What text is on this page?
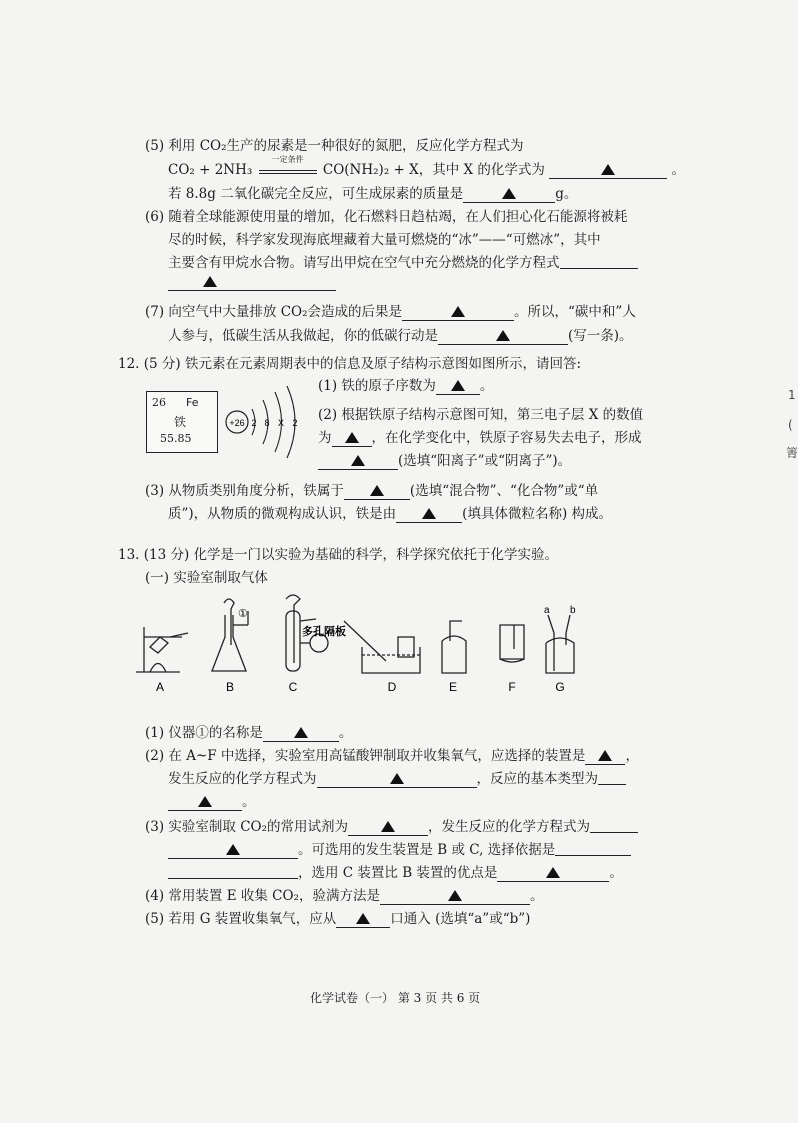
(5) 利用 CO₂生产的尿素是一种很好的氮肥，反应化学方程式为
CO₂ + 2NH₃
一定条件
CO(NH₂)₂ + X，其中 X 的化学式为	。
若 8.8g 二氧化碳完全反应，可生成尿素的质量是	g。
(6) 随着全球能源使用量的增加，化石燃料日趋枯竭，在人们担心化石能源将被耗
尽的时候，科学家发现海底埋藏着大量可燃烧的“冰”——“可燃冰”，其中
主要含有甲烷水合物。请写出甲烷在空气中充分燃烧的化学方程式
(7) 向空气中大量排放 CO₂会造成的后果是	。所以，“碳中和”人
人参与，低碳生活从我做起，你的低碳行动是	(写一条)。
12. (5 分) 铁元素在元素周期表中的信息及原子结构示意图如图所示，请回答:
26 Fe
铁
55.85
+26 2 8 X 2
(1) 铁的原子序数为	。
(2) 根据铁原子结构示意图可知，第三电子层 X 的数值
为	，在化学变化中，铁原子容易失去电子，形成
(选填“阳离子”或“阴离子”)。
(3) 从物质类别角度分析，铁属于	(选填“混合物”、“化合物”或“单
质”)，从物质的微观构成认识，铁是由	(填具体微粒名称) 构成。
13. (13 分) 化学是一门以实验为基础的科学，科学探究依托于化学实验。
(一) 实验室制取气体
①
多孔隔板
a b
A	B	C	D	E	F	G
(1) 仪器①的名称是	。
(2) 在 A~F 中选择，实验室用高锰酸钾制取并收集氧气，应选择的装置是	，
发生反应的化学方程式为	，反应的基本类型为
。
(3) 实验室制取 CO₂的常用试剂为	，发生反应的化学方程式为
。可选用的发生装置是 B 或 C, 选择依据是
，选用 C 装置比 B 装置的优点是	。
(4) 常用装置 E 收集 CO₂，验满方法是	。
(5) 若用 G 装置收集氧气，应从	口通入 (选填“a”或“b”)
化学试卷（一） 第 3 页 共 6 页
1
(
箐
